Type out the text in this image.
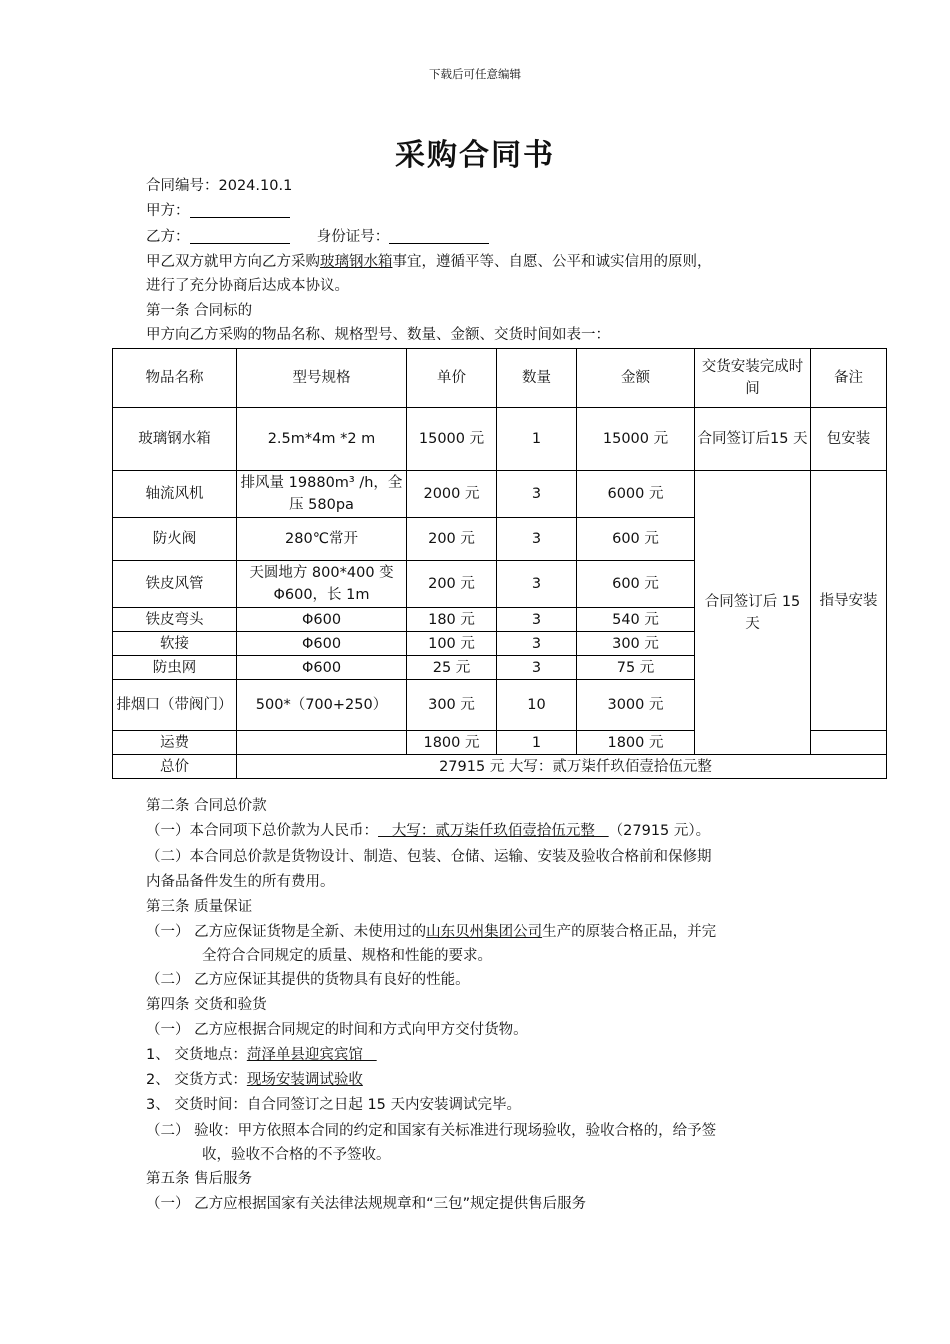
下载后可任意编辑
采购合同书
合同编号：2024.10.1
甲方：
乙方：	身份证号：
甲乙双方就甲方向乙方采购玻璃钢水箱事宜，遵循平等、自愿、公平和诚实信用的原则，
进行了充分协商后达成本协议。
第一条 合同标的
甲方向乙方采购的物品名称、规格型号、数量、金额、交货时间如表一：
物品名称	型号规格	单价	数量	金额	交货安装完成时间	备注
玻璃钢水箱	2.5m*4m *2 m	15000 元	1	15000 元	合同签订后15 天	包安装
轴流风机	排风量 19880m³ /h，全压 580pa	2000 元	3	6000 元	合同签订后 15 天	指导安装
防火阀	280℃常开	200 元	3	600 元		
铁皮风管	天圆地方 800*400 变 Φ600，长 1m	200 元	3	600 元		
铁皮弯头	Φ600	180 元	3	540 元		
软接	Φ600	100 元	3	300 元		
防虫网	Φ600	25 元	3	75 元		
排烟口（带阀门）	500*（700+250）	300 元	10	3000 元		
运费		1800 元	1	1800 元		
总价	27915 元 大写：贰万柒仟玖佰壹拾伍元整					
第二条 合同总价款
（一）本合同项下总价款为人民币：   大写：贰万柒仟玖佰壹拾伍元整   （27915 元）。
（二）本合同总价款是货物设计、制造、包装、仓储、运输、安装及验收合格前和保修期
内备品备件发生的所有费用。
第三条 质量保证
（一） 乙方应保证货物是全新、未使用过的山东贝州集团公司生产的原装合格正品，并完
全符合合同规定的质量、规格和性能的要求。
（二） 乙方应保证其提供的货物具有良好的性能。
第四条 交货和验货
（一） 乙方应根据合同规定的时间和方式向甲方交付货物。
1、 交货地点：菏泽单县迎宾宾馆
2、 交货方式：现场安装调试验收
3、 交货时间：自合同签订之日起 15 天内安装调试完毕。
（二） 验收：甲方依照本合同的约定和国家有关标准进行现场验收，验收合格的，给予签
收，验收不合格的不予签收。
第五条 售后服务
（一） 乙方应根据国家有关法律法规规章和“三包”规定提供售后服务
